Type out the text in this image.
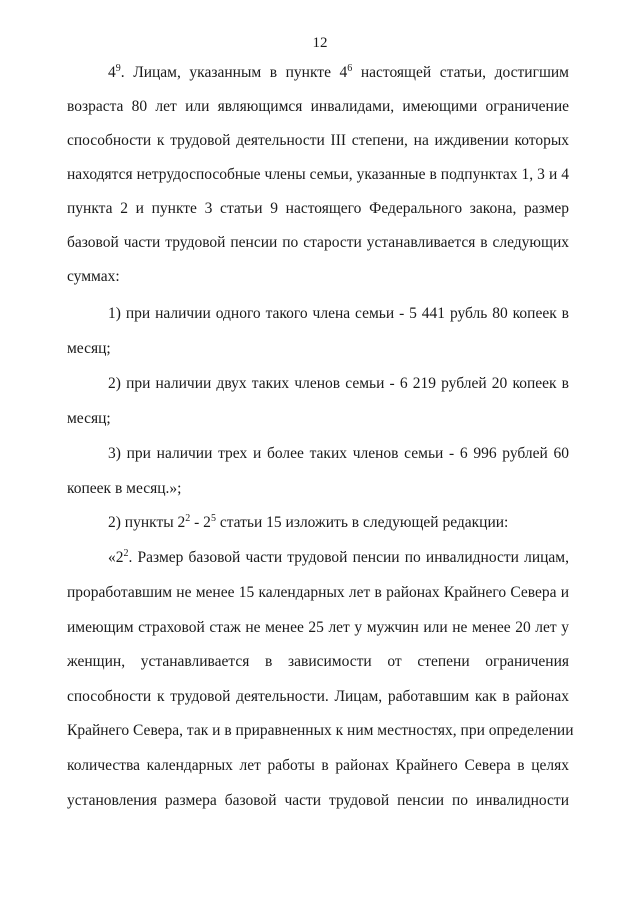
12
$4^9$. Лицам, указанным в пункте $4^6$ настоящей статьи, достигшим
возраста 80 лет или являющимся инвалидами, имеющими ограничение
способности к трудовой деятельности III степени, на иждивении которых
находятся нетрудоспособные члены семьи, указанные в подпунктах 1, 3 и 4
пункта 2 и пункте 3 статьи 9 настоящего Федерального закона, размер
базовой части трудовой пенсии по старости устанавливается в следующих
суммах:
1) при наличии одного такого члена семьи - 5 441 рубль 80 копеек в
месяц;
2) при наличии двух таких членов семьи - 6 219 рублей 20 копеек в
месяц;
3) при наличии трех и более таких членов семьи - 6 996 рублей 60
копеек в месяц.»;
2) пункты $2^2 - 2^5$ статьи 15 изложить в следующей редакции:
«$2^2$. Размер базовой части трудовой пенсии по инвалидности лицам,
проработавшим не менее 15 календарных лет в районах Крайнего Севера и
имеющим страховой стаж не менее 25 лет у мужчин или не менее 20 лет у
женщин, устанавливается в зависимости от степени ограничения
способности к трудовой деятельности. Лицам, работавшим как в районах
Крайнего Севера, так и в приравненных к ним местностях, при определении
количества календарных лет работы в районах Крайнего Севера в целях
установления размера базовой части трудовой пенсии по инвалидности
